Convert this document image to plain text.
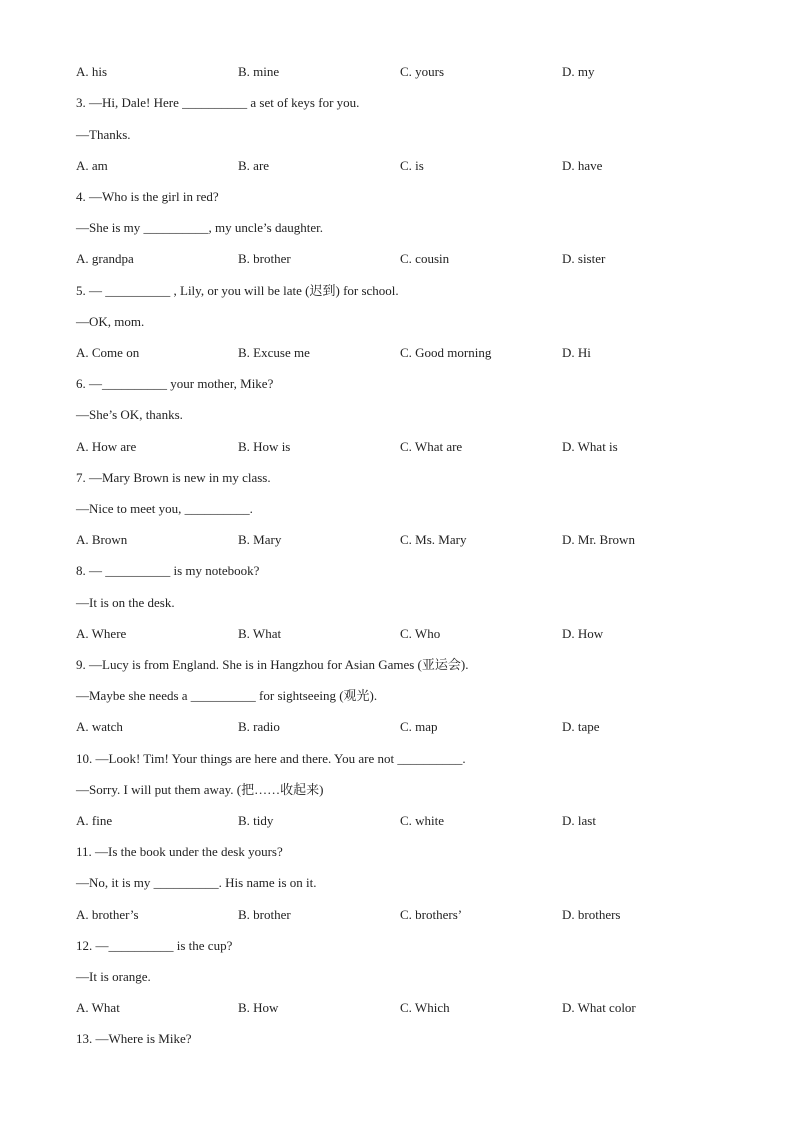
A. his	B. mine	C. yours	D. my
3. —Hi, Dale! Here __________ a set of keys for you.
—Thanks.
A. am	B. are	C. is	D. have
4. —Who is the girl in red?
—She is my __________, my uncle’s daughter.
A. grandpa	B. brother	C. cousin	D. sister
5. — __________ , Lily, or you will be late (迟到) for school.
—OK, mom.
A. Come on	B. Excuse me	C. Good morning	D. Hi
6. —__________ your mother, Mike?
—She’s OK, thanks.
A. How are	B. How is	C. What are	D. What is
7. —Mary Brown is new in my class.
—Nice to meet you, __________.
A. Brown	B. Mary	C. Ms. Mary	D. Mr. Brown
8. — __________ is my notebook?
—It is on the desk.
A. Where	B. What	C. Who	D. How
9. —Lucy is from England. She is in Hangzhou for Asian Games (亚运会).
—Maybe she needs a __________ for sightseeing (观光).
A. watch	B. radio	C. map	D. tape
10. —Look! Tim! Your things are here and there. You are not __________.
—Sorry. I will put them away. (把……收起来)
A. fine	B. tidy	C. white	D. last
11. —Is the book under the desk yours?
—No, it is my __________. His name is on it.
A. brother’s	B. brother	C. brothers’	D. brothers
12. —__________ is the cup?
—It is orange.
A. What	B. How	C. Which	D. What color
13. —Where is Mike?
